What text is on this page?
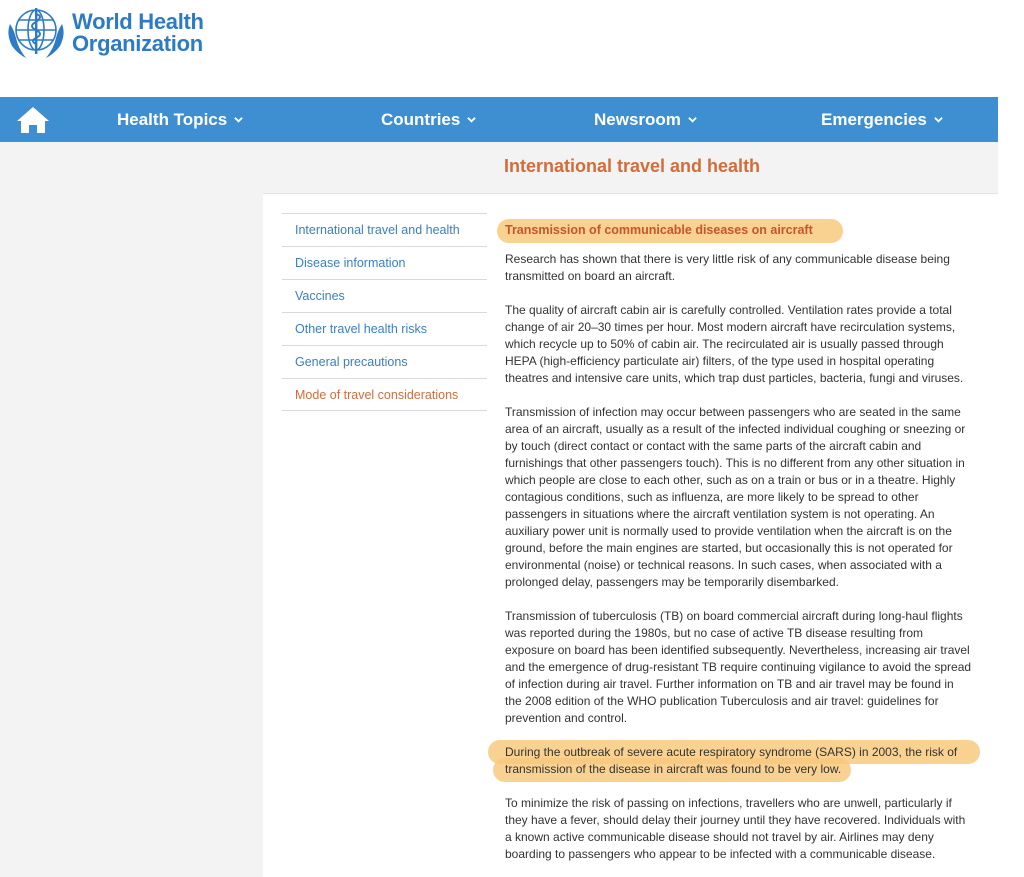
World Health
Organization
Health Topics	Countries	Newsroom	Emergencies
International travel and health
International travel and health
Disease information
Vaccines
Other travel health risks
General precautions
Mode of travel considerations
Transmission of communicable diseases on aircraft

Research has shown that there is very little risk of any communicable disease being transmitted on board an aircraft.

The quality of aircraft cabin air is carefully controlled. Ventilation rates provide a total change of air 20–30 times per hour. Most modern aircraft have recirculation systems, which recycle up to 50% of cabin air. The recirculated air is usually passed through HEPA (high-efficiency particulate air) filters, of the type used in hospital operating theatres and intensive care units, which trap dust particles, bacteria, fungi and viruses.

Transmission of infection may occur between passengers who are seated in the same area of an aircraft, usually as a result of the infected individual coughing or sneezing or by touch (direct contact or contact with the same parts of the aircraft cabin and furnishings that other passengers touch). This is no different from any other situation in which people are close to each other, such as on a train or bus or in a theatre. Highly contagious conditions, such as influenza, are more likely to be spread to other passengers in situations where the aircraft ventilation system is not operating. An auxiliary power unit is normally used to provide ventilation when the aircraft is on the ground, before the main engines are started, but occasionally this is not operated for environmental (noise) or technical reasons. In such cases, when associated with a prolonged delay, passengers may be temporarily disembarked.

Transmission of tuberculosis (TB) on board commercial aircraft during long-haul flights was reported during the 1980s, but no case of active TB disease resulting from exposure on board has been identified subsequently. Nevertheless, increasing air travel and the emergence of drug-resistant TB require continuing vigilance to avoid the spread of infection during air travel. Further information on TB and air travel may be found in the 2008 edition of the WHO publication Tuberculosis and air travel: guidelines for prevention and control.

During the outbreak of severe acute respiratory syndrome (SARS) in 2003, the risk of transmission of the disease in aircraft was found to be very low.

To minimize the risk of passing on infections, travellers who are unwell, particularly if they have a fever, should delay their journey until they have recovered. Individuals with a known active communicable disease should not travel by air. Airlines may deny boarding to passengers who appear to be infected with a communicable disease.
